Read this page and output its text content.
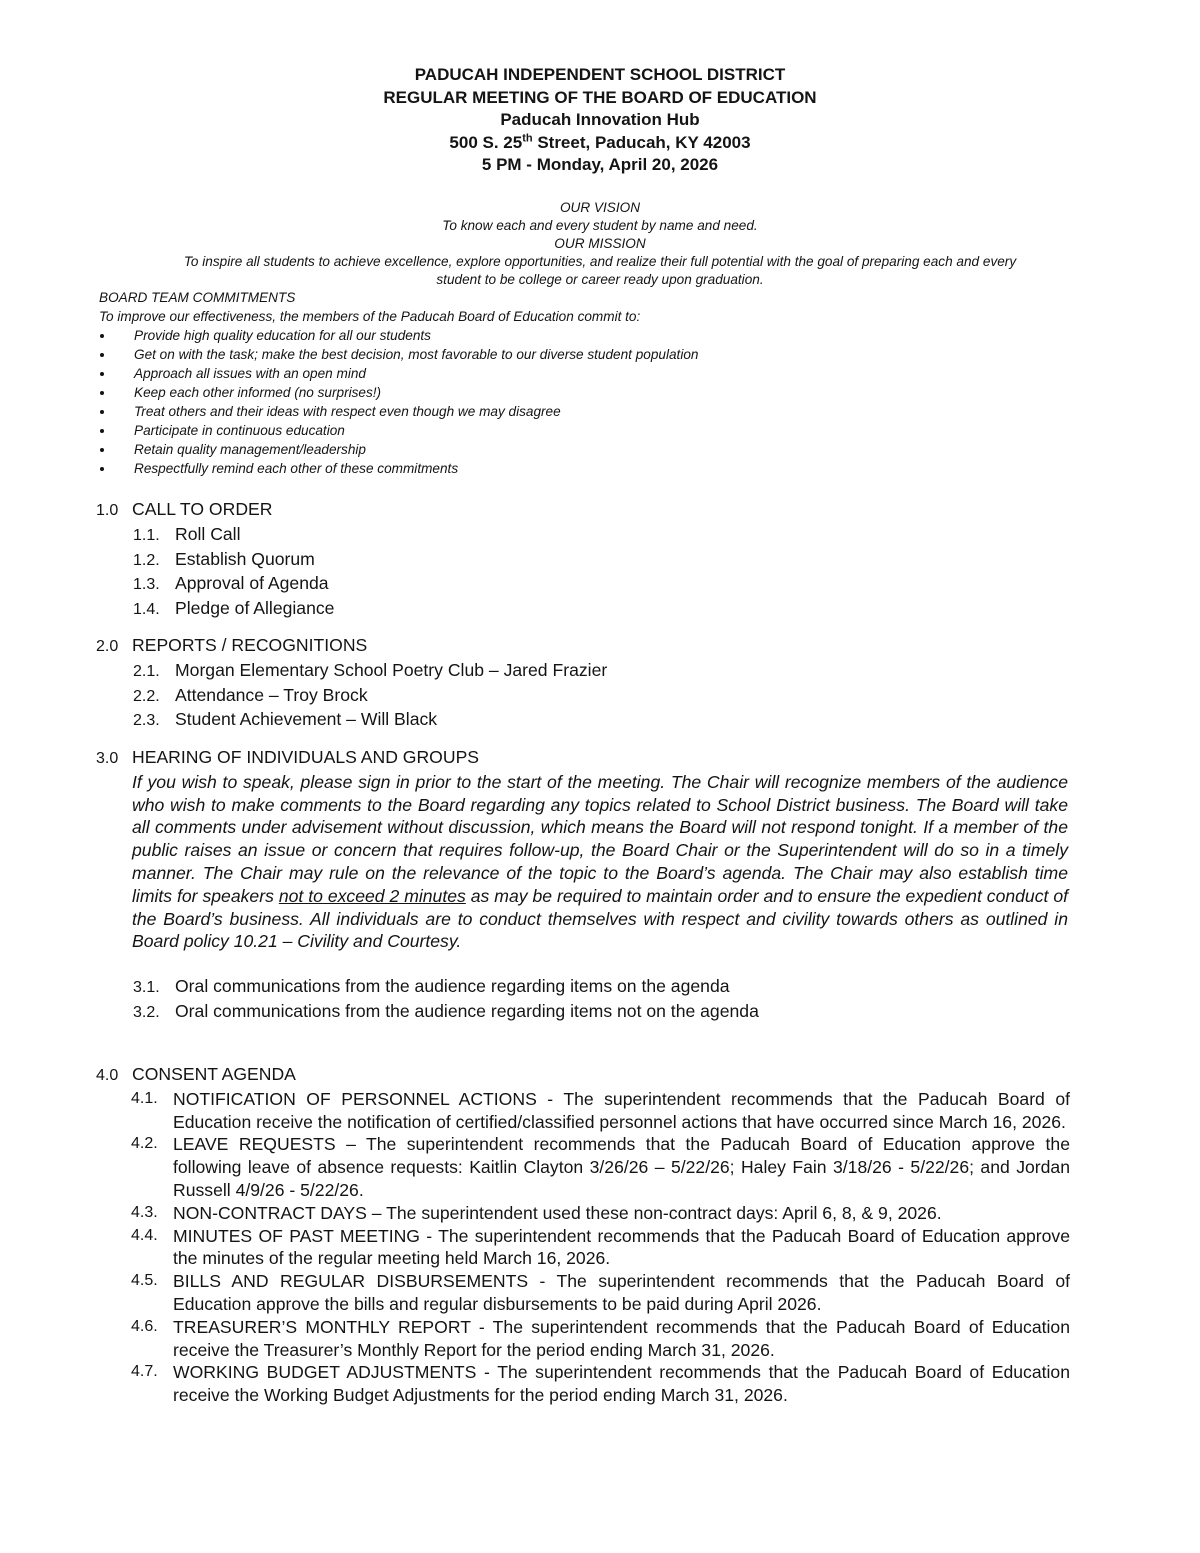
PADUCAH INDEPENDENT SCHOOL DISTRICT
REGULAR MEETING OF THE BOARD OF EDUCATION
Paducah Innovation Hub
500 S. 25th Street, Paducah, KY 42003
5 PM - Monday, April 20, 2026
OUR VISION
To know each and every student by name and need.
OUR MISSION
To inspire all students to achieve excellence, explore opportunities, and realize their full potential with the goal of preparing each and every
student to be college or career ready upon graduation.
BOARD TEAM COMMITMENTS
To improve our effectiveness, the members of the Paducah Board of Education commit to:
Provide high quality education for all our students
Get on with the task; make the best decision, most favorable to our diverse student population
Approach all issues with an open mind
Keep each other informed (no surprises!)
Treat others and their ideas with respect even though we may disagree
Participate in continuous education
Retain quality management/leadership
Respectfully remind each other of these commitments
1.0 CALL TO ORDER
1.1. Roll Call
1.2. Establish Quorum
1.3. Approval of Agenda
1.4. Pledge of Allegiance
2.0 REPORTS / RECOGNITIONS
2.1. Morgan Elementary School Poetry Club – Jared Frazier
2.2. Attendance – Troy Brock
2.3. Student Achievement – Will Black
3.0 HEARING OF INDIVIDUALS AND GROUPS
If you wish to speak, please sign in prior to the start of the meeting. The Chair will recognize members of the audience who wish to make comments to the Board regarding any topics related to School District business. The Board will take all comments under advisement without discussion, which means the Board will not respond tonight. If a member of the public raises an issue or concern that requires follow-up, the Board Chair or the Superintendent will do so in a timely manner. The Chair may rule on the relevance of the topic to the Board’s agenda. The Chair may also establish time limits for speakers not to exceed 2 minutes as may be required to maintain order and to ensure the expedient conduct of the Board’s business. All individuals are to conduct themselves with respect and civility towards others as outlined in Board policy 10.21 – Civility and Courtesy.
3.1. Oral communications from the audience regarding items on the agenda
3.2. Oral communications from the audience regarding items not on the agenda
4.0 CONSENT AGENDA
4.1. NOTIFICATION OF PERSONNEL ACTIONS - The superintendent recommends that the Paducah Board of Education receive the notification of certified/classified personnel actions that have occurred since March 16, 2026.
4.2. LEAVE REQUESTS – The superintendent recommends that the Paducah Board of Education approve the following leave of absence requests: Kaitlin Clayton 3/26/26 – 5/22/26; Haley Fain 3/18/26 - 5/22/26; and Jordan Russell 4/9/26 - 5/22/26.
4.3. NON-CONTRACT DAYS – The superintendent used these non-contract days: April 6, 8, & 9, 2026.
4.4. MINUTES OF PAST MEETING - The superintendent recommends that the Paducah Board of Education approve the minutes of the regular meeting held March 16, 2026.
4.5. BILLS AND REGULAR DISBURSEMENTS - The superintendent recommends that the Paducah Board of Education approve the bills and regular disbursements to be paid during April 2026.
4.6. TREASURER’S MONTHLY REPORT - The superintendent recommends that the Paducah Board of Education receive the Treasurer’s Monthly Report for the period ending March 31, 2026.
4.7. WORKING BUDGET ADJUSTMENTS - The superintendent recommends that the Paducah Board of Education receive the Working Budget Adjustments for the period ending March 31, 2026.
